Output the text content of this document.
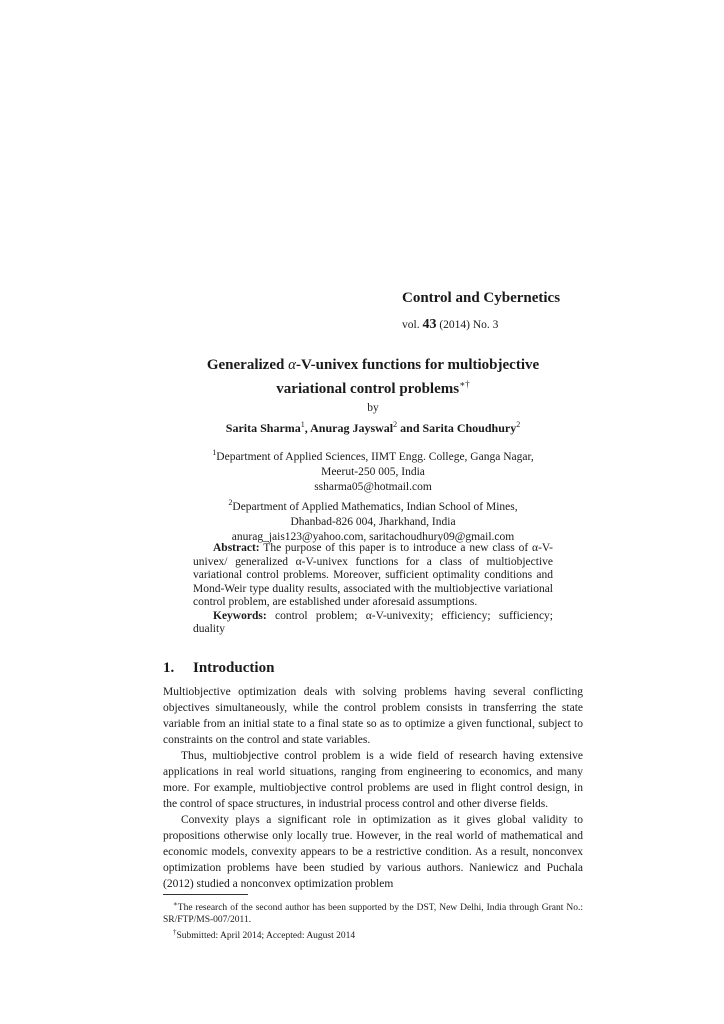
Control and Cybernetics
vol. 43 (2014) No. 3
Generalized α-V-univex functions for multiobjective
variational control problems∗†
by
Sarita Sharma$^1$, Anurag Jayswal$^2$ and Sarita Choudhury$^2$
$^1$Department of Applied Sciences, IIMT Engg. College, Ganga Nagar,
Meerut-250 005, India
ssharma05@hotmail.com
$^2$Department of Applied Mathematics, Indian School of Mines,
Dhanbad-826 004, Jharkhand, India
anurag_jais123@yahoo.com, saritachoudhury09@gmail.com

Abstract: The purpose of this paper is to introduce a new class of α-V-univex/ generalized α-V-univex functions for a class of multiobjective variational control problems. Moreover, sufficient optimality conditions and Mond-Weir type duality results, associated with the multiobjective variational control problem, are established under aforesaid assumptions.

Keywords: control problem; α-V-univexity; efficiency; sufficiency; duality

1. Introduction

Multiobjective optimization deals with solving problems having several conflicting objectives simultaneously, while the control problem consists in transferring the state variable from an initial state to a final state so as to optimize a given functional, subject to constraints on the control and state variables.

Thus, multiobjective control problem is a wide field of research having extensive applications in real world situations, ranging from engineering to economics, and many more. For example, multiobjective control problems are used in flight control design, in the control of space structures, in industrial process control and other diverse fields.

Convexity plays a significant role in optimization as it gives global validity to propositions otherwise only locally true. However, in the real world of mathematical and economic models, convexity appears to be a restrictive condition. As a result, nonconvex optimization problems have been studied by various authors. Naniewicz and Puchala (2012) studied a nonconvex optimization problem

∗The research of the second author has been supported by the DST, New Delhi, India through Grant No.: SR/FTP/MS-007/2011.

†Submitted: April 2014; Accepted: August 2014
